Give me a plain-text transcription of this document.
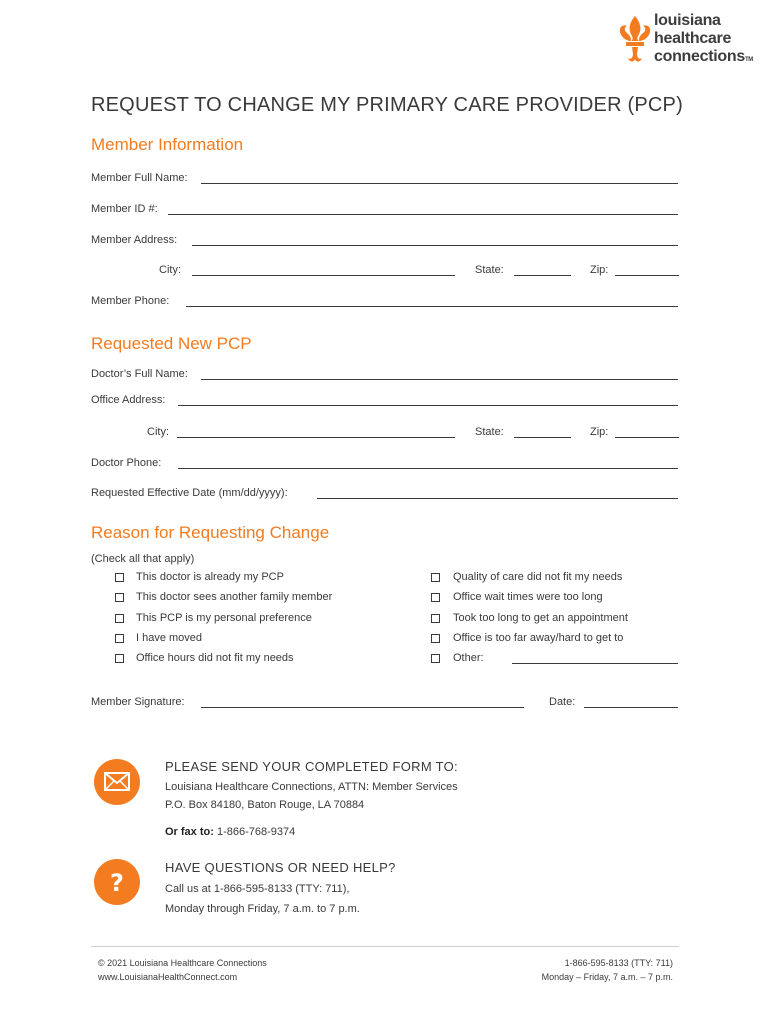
louisiana
healthcare
connectionsTM
REQUEST TO CHANGE MY PRIMARY CARE PROVIDER (PCP)
Member Information
Member Full Name:
Member ID #:
Member Address:
City:	State:	Zip:
Member Phone:
Requested New PCP
Doctor’s Full Name:
Office Address:
City:	State:	Zip:
Doctor Phone:
Requested Effective Date (mm/dd/yyyy):
Reason for Requesting Change
(Check all that apply)
This doctor is already my PCP
This doctor sees another family member
This PCP is my personal preference
I have moved
Office hours did not fit my needs
Quality of care did not fit my needs
Office wait times were too long
Took too long to get an appointment
Office is too far away/hard to get to
Other:
Member Signature:	Date:
PLEASE SEND YOUR COMPLETED FORM TO:
Louisiana Healthcare Connections, ATTN: Member Services
P.O. Box 84180, Baton Rouge, LA 70884
Or fax to: 1-866-768-9374
?
HAVE QUESTIONS OR NEED HELP?
Call us at 1-866-595-8133 (TTY: 711),
Monday through Friday, 7 a.m. to 7 p.m.
© 2021 Louisiana Healthcare Connections
www.LouisianaHealthConnect.com
1-866-595-8133 (TTY: 711)
Monday – Friday, 7 a.m. – 7 p.m.
